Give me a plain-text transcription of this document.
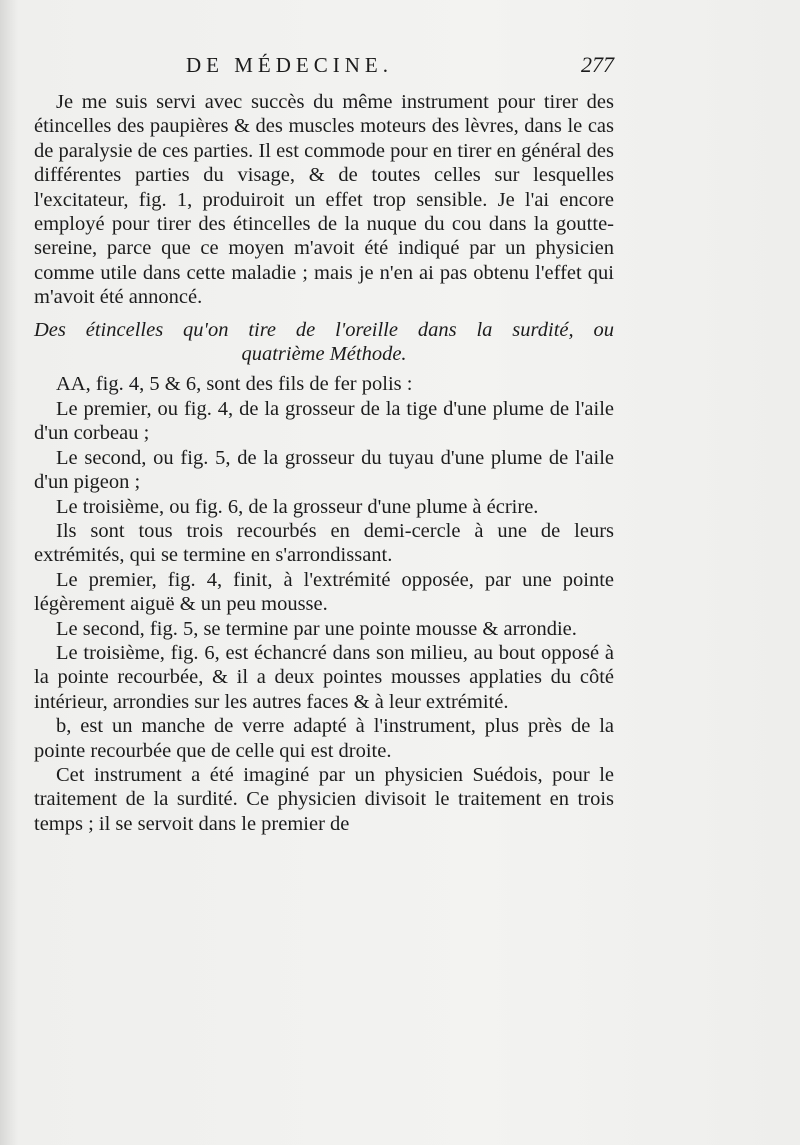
DE MÉDECINE.	277

Je me suis servi avec succès du même instrument pour tirer des étincelles des paupières & des muscles moteurs des lèvres, dans le cas de paralysie de ces parties. Il est commode pour en tirer en général des différentes parties du visage, & de toutes celles sur lesquelles l'excitateur, fig. 1, produiroit un effet trop sensible. Je l'ai encore employé pour tirer des étincelles de la nuque du cou dans la goutte-sereine, parce que ce moyen m'avoit été indiqué par un physicien comme utile dans cette maladie ; mais je n'en ai pas obtenu l'effet qui m'avoit été annoncé.

Des étincelles qu'on tire de l'oreille dans la surdité, ou
quatrième Méthode.

AA, fig. 4, 5 & 6, sont des fils de fer polis :

Le premier, ou fig. 4, de la grosseur de la tige d'une plume de l'aile d'un corbeau ;

Le second, ou fig. 5, de la grosseur du tuyau d'une plume de l'aile d'un pigeon ;

Le troisième, ou fig. 6, de la grosseur d'une plume à écrire.

Ils sont tous trois recourbés en demi-cercle à une de leurs extrémités, qui se termine en s'arrondissant.

Le premier, fig. 4, finit, à l'extrémité opposée, par une pointe légèrement aiguë & un peu mousse.

Le second, fig. 5, se termine par une pointe mousse & arrondie.

Le troisième, fig. 6, est échancré dans son milieu, au bout opposé à la pointe recourbée, & il a deux pointes mousses applaties du côté intérieur, arrondies sur les autres faces & à leur extrémité.

b, est un manche de verre adapté à l'instrument, plus près de la pointe recourbée que de celle qui est droite.

Cet instrument a été imaginé par un physicien Suédois, pour le traitement de la surdité. Ce physicien divisoit le traitement en trois temps ; il se servoit dans le premier de
